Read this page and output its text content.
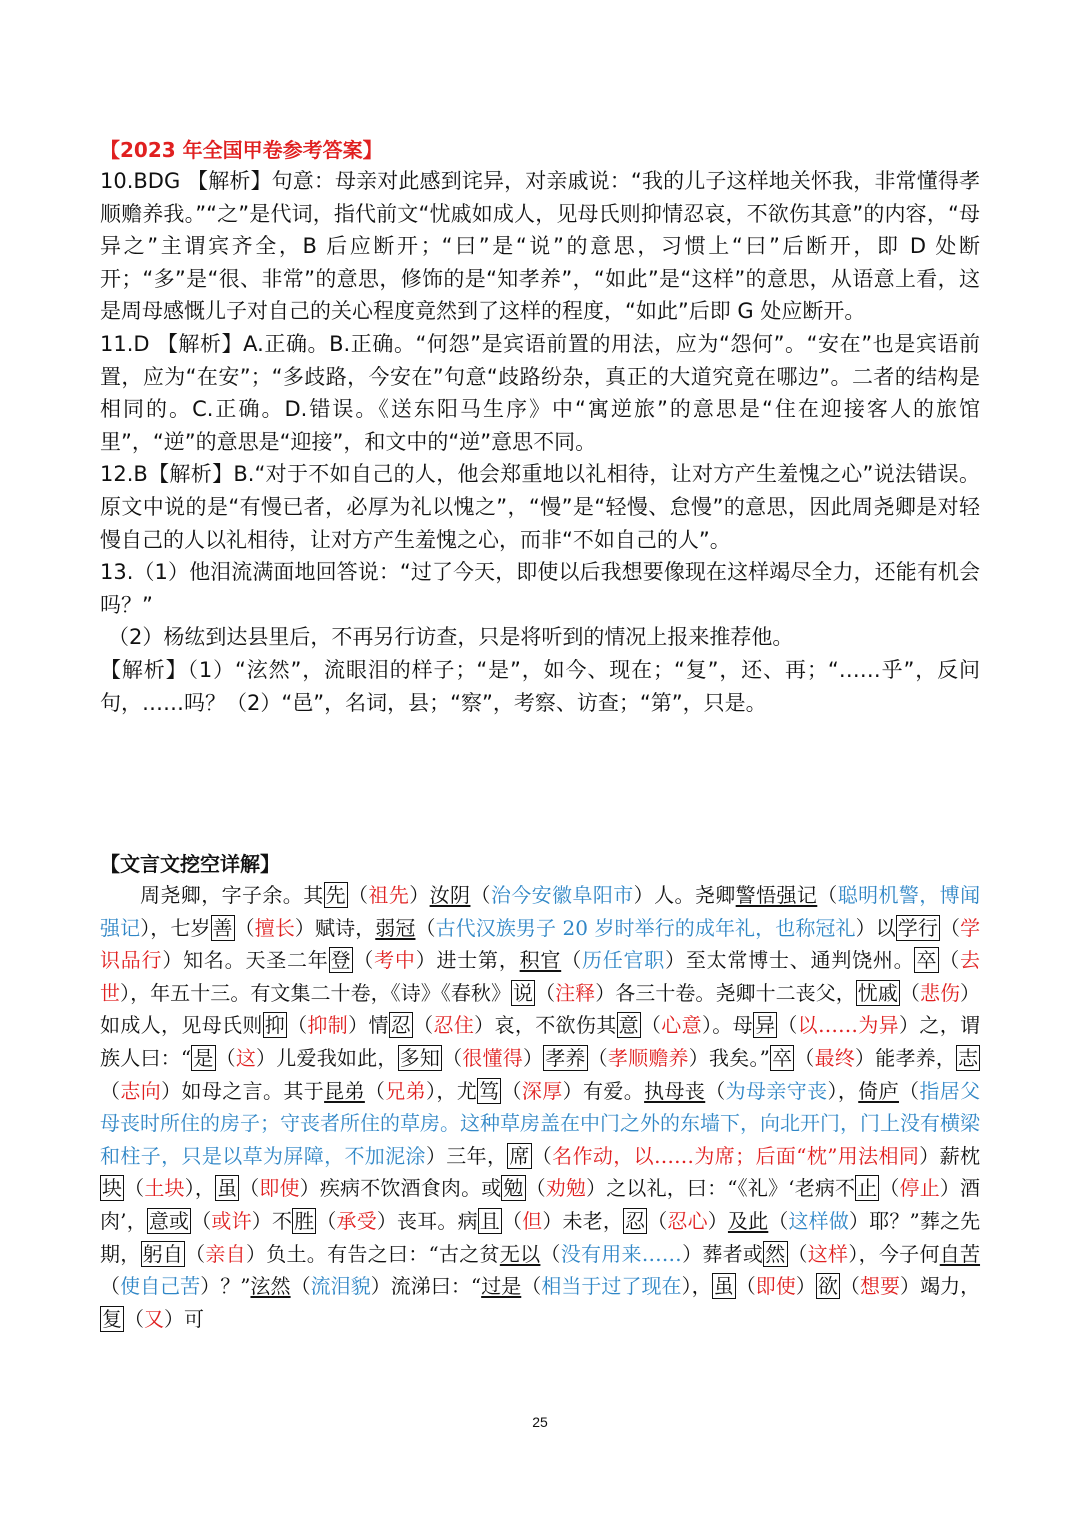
【2023 年全国甲卷参考答案】

10.BDG 【解析】句意：母亲对此感到诧异，对亲戚说：“我的儿子这样地关怀我，非常懂得孝顺赡养我。”“之”是代词，指代前文“忧戚如成人，见母氏则抑情忍哀，不欲伤其意”的内容，“母异之”主谓宾齐全，B 后应断开；“曰”是“说”的意思，习惯上“曰”后断开，即 D 处断开；“多”是“很、非常”的意思，修饰的是“知孝养”，“如此”是“这样”的意思，从语意上看，这是周母感慨儿子对自己的关心程度竟然到了这样的程度，“如此”后即 G 处应断开。

11.D 【解析】A.正确。B.正确。“何怨”是宾语前置的用法，应为“怨何”。“安在”也是宾语前置，应为“在安”；“多歧路，今安在”句意“歧路纷杂，真正的大道究竟在哪边”。二者的结构是相同的。C.正确。D.错误。《送东阳马生序》中“寓逆旅”的意思是“住在迎接客人的旅馆里”，“逆”的意思是“迎接”，和文中的“逆”意思不同。

12.B【解析】B.“对于不如自己的人，他会郑重地以礼相待，让对方产生羞愧之心”说法错误。原文中说的是“有慢已者，必厚为礼以愧之”，“慢”是“轻慢、怠慢”的意思，因此周尧卿是对轻慢自己的人以礼相待，让对方产生羞愧之心，而非“不如自己的人”。

13.（1）他泪流满面地回答说：“过了今天，即使以后我想要像现在这样竭尽全力，还能有机会吗？”

（2）杨纮到达县里后，不再另行访查，只是将听到的情况上报来推荐他。

【解析】（1）“泫然”，流眼泪的样子；“是”，如今、现在；“复”，还、再；“……乎”，反问句，……吗？（2）“邑”，名词，县；“察”，考察、访查；“第”，只是。

【文言文挖空详解】

周尧卿，字子余。其 先 （祖先）汝阴（治今安徽阜阳市）人。尧卿警悟强记（聪明机警，博闻强记），七岁 善 （擅长）赋诗，弱冠（古代汉族男子 20 岁时举行的成年礼，也称冠礼）以 学行 （学识品行）知名。天圣二年 登 （考中）进士第，积官（历任官职）至太常博士、通判饶州。 卒 （去世），年五十三。有文集二十卷，《诗》《春秋》 说 （注释）各三十卷。尧卿十二丧父， 忧戚 （悲伤）如成人，见母氏则 抑 （抑制）情 忍 （忍住）哀，不欲伤其 意 （心意）。母 异 （以……为异）之，谓族人曰：“ 是 （这）儿爱我如此， 多知 （很懂得） 孝养 （孝顺赡养）我矣。” 卒 （最终）能孝养， 志（志向）如母之言。其于昆弟（兄弟），尤 笃 （深厚）有爱。执母丧（为母亲守丧），倚庐（指居父母丧时所住的房子；守丧者所住的草房。这种草房盖在中门之外的东墙下，向北开门，门上没有横梁和柱子，只是以草为屏障，不加泥涂）三年， 席 （名作动，以……为席；后面“枕”用法相同）薪枕块 （土块）， 虽 （即使）疾病不饮酒食肉。或 勉 （劝勉）之以礼，曰：“《礼》‘老病不 止 （停止）酒肉’， 意或 （或许）不 胜 （承受）丧耳。病 且 （但）未老， 忍 （忍心）及此（这样做）耶？”葬之先期， 躬自 （亲自）负土。有告之曰：“古之贫无以（没有用来……）葬者或 然 （这样），今子何自苦（使自己苦）？”泫然（流泪貌）流涕曰：“过是（相当于过了现在）， 虽 （即使） 欲 （想要）竭力，复 （又）可

25
